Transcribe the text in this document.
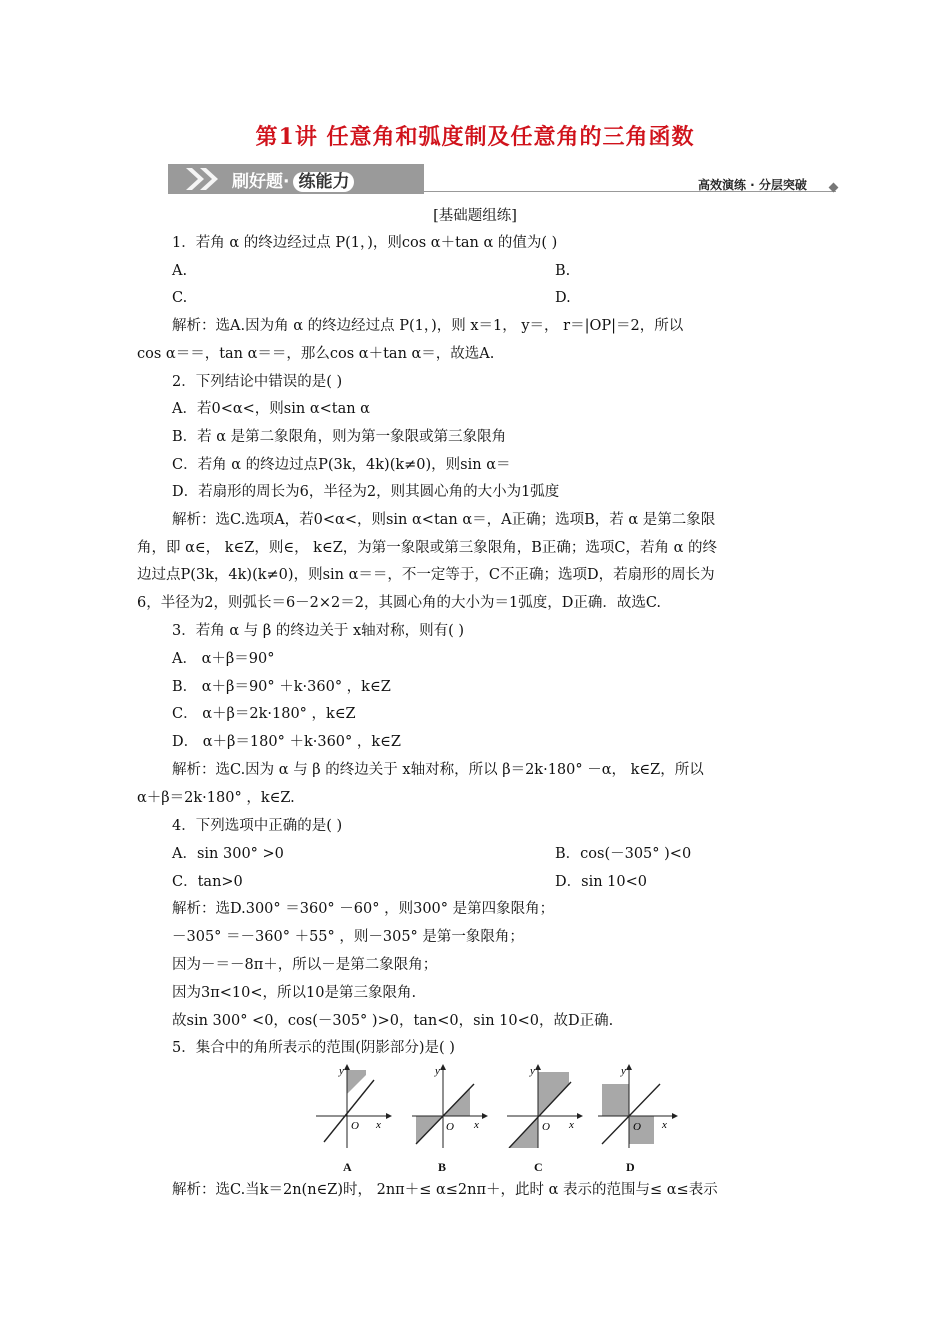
第1讲 任意角和弧度制及任意角的三角函数
刷好题· 练能力	高效演练 · 分层突破
[基础题组练]
1．若角 α 的终边经过点 P(1，)，则cos α＋tan α 的值为( )
A.	B.
C.	D.
解析：选A.因为角 α 的终边经过点 P(1，)，则 x＝1， y＝， r＝|OP|＝2，所以
cos α＝＝，tan α＝＝，那么cos α＋tan α＝，故选A.
2．下列结论中错误的是( )
A．若0<α<，则sin α<tan α
B．若 α 是第二象限角，则为第一象限或第三象限角
C．若角 α 的终边过点P(3k，4k)(k≠0)，则sin α＝
D．若扇形的周长为6，半径为2，则其圆心角的大小为1弧度
解析：选C.选项A，若0<α<，则sin α<tan α＝，A正确；选项B，若 α 是第二象限
角，即 α∈， k∈Z，则∈， k∈Z，为第一象限或第三象限角，B正确；选项C，若角 α 的终
边过点P(3k，4k)(k≠0)，则sin α＝＝，不一定等于，C不正确；选项D，若扇形的周长为
6，半径为2，则弧长＝6－2×2＝2，其圆心角的大小为＝1弧度，D正确．故选C.
3．若角 α 与 β 的终边关于 x轴对称，则有( )
A． α＋β＝90°
B． α＋β＝90° ＋k·360° ，k∈Z
C． α＋β＝2k·180° ，k∈Z
D． α＋β＝180° ＋k·360° ，k∈Z
解析：选C.因为 α 与 β 的终边关于 x轴对称，所以 β＝2k·180° －α， k∈Z，所以
α＋β＝2k·180° ，k∈Z.
4．下列选项中正确的是( )
A．sin 300° >0	B．cos(－305° )<0
C．tan>0	D．sin 10<0
解析：选D.300° ＝360° －60° ，则300° 是第四象限角；
－305° ＝－360° ＋55° ，则－305° 是第一象限角；
因为－＝－8π＋，所以－是第二象限角；
因为3π<10<，所以10是第三象限角.
故sin 300° <0，cos(－305° )>0，tan<0，sin 10<0，故D正确.
5．集合中的角所表示的范围(阴影部分)是( )
y
x
O
A
y
x
O
B
y
x
O
C
y
x
O
D
解析：选C.当k＝2n(n∈Z)时， 2nπ＋≤ α≤2nπ＋，此时 α 表示的范围与≤ α≤表示
